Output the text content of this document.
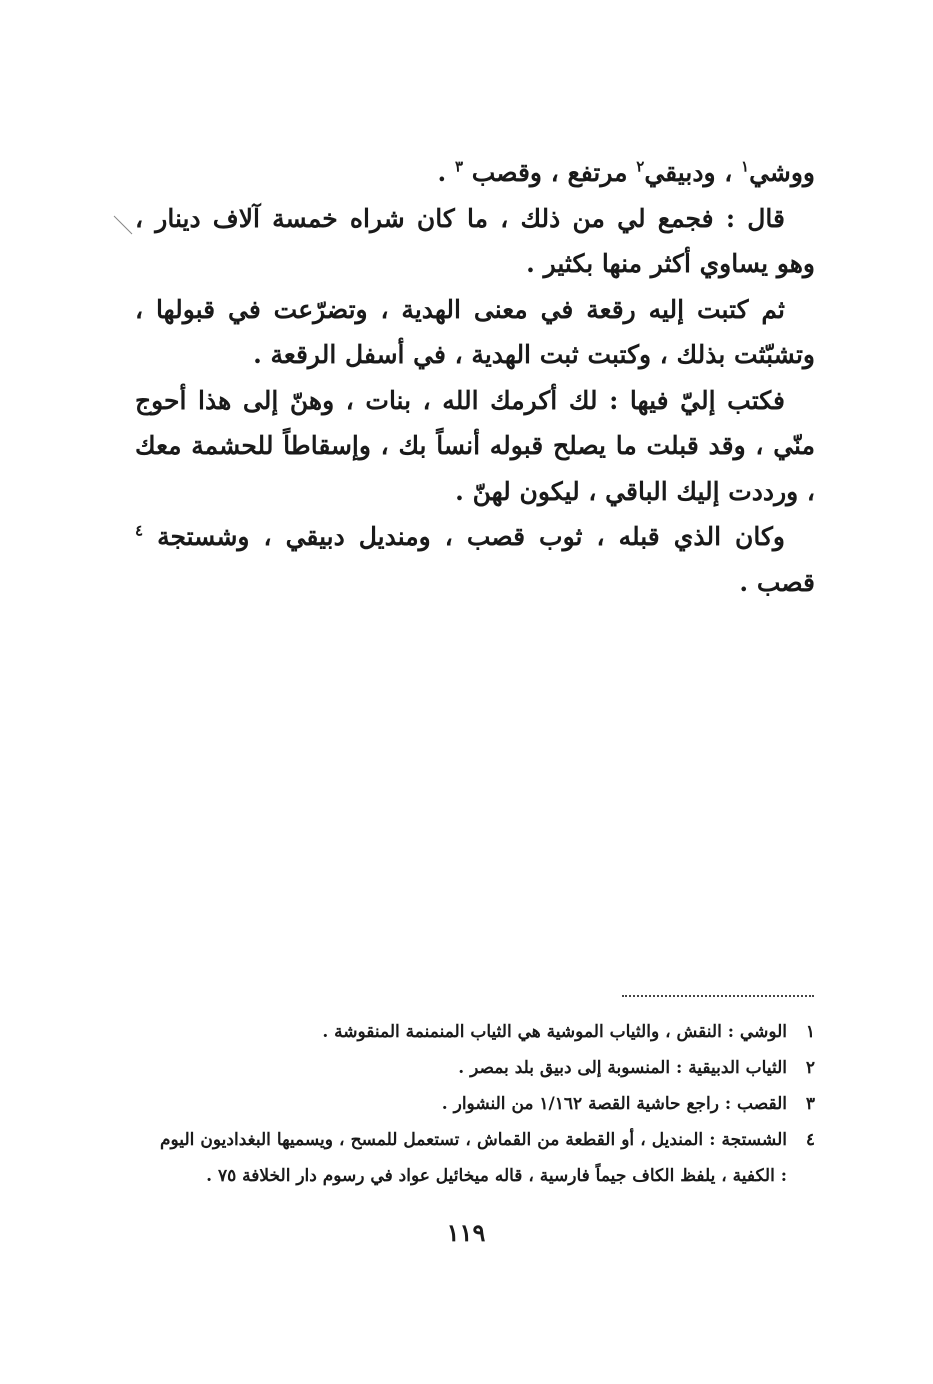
ووشي$^١$ ، ودبيقي$^٢$ مرتفع ، وقصب $^٣$ .

قال : فجمع لي من ذلك ، ما كان شراه خمسة آلاف دينار ، وهو يساوي أكثر منها بكثير .

ثم كتبت إليه رقعة في معنى الهدية ، وتضرّعت في قبولها ، وتشبّثت بذلك ، وكتبت ثبت الهدية ، في أسفل الرقعة .

فكتب إليّ فيها : لك أكرمك الله ، بنات ، وهنّ إلى هذا أحوج منّي ، وقد قبلت ما يصلح قبوله أنساً بك ، وإسقاطاً للحشمة معك ، ورددت إليك الباقي ، ليكون لهنّ .

وكان الذي قبله ، ثوب قصب ، ومنديل دبيقي ، وشستجة $^٤$ قصب .

١
الوشي : النقش ، والثياب الموشية هي الثياب المنمنمة المنقوشة .
٢
الثياب الدبيقية : المنسوبة إلى دبيق بلد بمصر .
٣
القصب : راجع حاشية القصة ١/١٦٢ من النشوار .
٤
الشستجة : المنديل ، أو القطعة من القماش ، تستعمل للمسح ، ويسميها البغداديون اليوم : الكفية ، يلفظ الكاف جيماً فارسية ، قاله ميخائيل عواد في رسوم دار الخلافة ٧٥ .
١١٩
